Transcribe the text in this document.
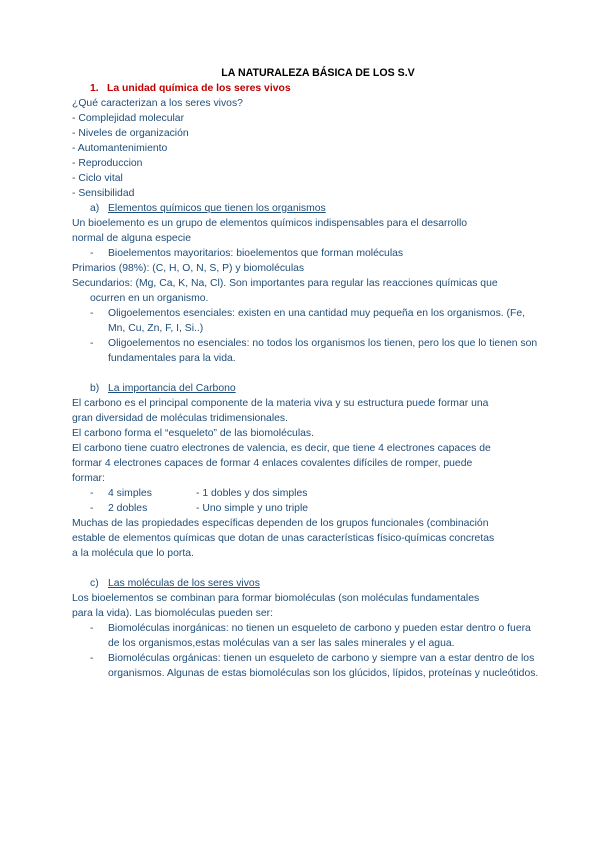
LA NATURALEZA BÁSICA DE LOS S.V
1. La unidad química de los seres vivos
¿Qué caracterizan a los seres vivos?
- Complejidad molecular
- Niveles de organización
- Automantenimiento
- Reproduccion
- Ciclo vital
- Sensibilidad
a) Elementos químicos que tienen los organismos
Un bioelemento es un grupo de elementos químicos indispensables para el desarrollo
normal de alguna especie
-	Bioelementos mayoritarios: bioelementos que forman moléculas
Primarios (98%): (C, H, O, N, S, P) y biomoléculas
Secundarios: (Mg, Ca, K, Na, Cl). Son importantes para regular las reacciones químicas que
ocurren en un organismo.
-	Oligoelementos esenciales: existen en una cantidad muy pequeña en los organismos. (Fe, Mn, Cu, Zn, F, I, Si..)
-	Oligoelementos no esenciales: no todos los organismos los tienen, pero los que lo tienen son fundamentales para la vida.
b) La importancia del Carbono
El carbono es el principal componente de la materia viva y su estructura puede formar una
gran diversidad de moléculas tridimensionales.
El carbono forma el “esqueleto” de las biomoléculas.
El carbono tiene cuatro electrones de valencia, es decir, que tiene 4 electrones capaces de
formar 4 electrones capaces de formar 4 enlaces covalentes difíciles de romper, puede
formar:
-	4 simples	- 1 dobles y dos simples
-	2 dobles	- Uno simple y uno triple
Muchas de las propiedades específicas dependen de los grupos funcionales (combinación
estable de elementos químicas que dotan de unas características físico-químicas concretas
a la molécula que lo porta.
c) Las moléculas de los seres vivos
Los bioelementos se combinan para formar biomoléculas (son moléculas fundamentales
para la vida). Las biomoléculas pueden ser:
-	Biomoléculas inorgánicas: no tienen un esqueleto de carbono y pueden estar dentro o fuera de los organismos,estas moléculas van a ser las sales minerales y el agua.
-	Biomoléculas orgánicas: tienen un esqueleto de carbono y siempre van a estar dentro de los organismos. Algunas de estas biomoléculas son los glúcidos, lípidos, proteínas y nucleótidos.
